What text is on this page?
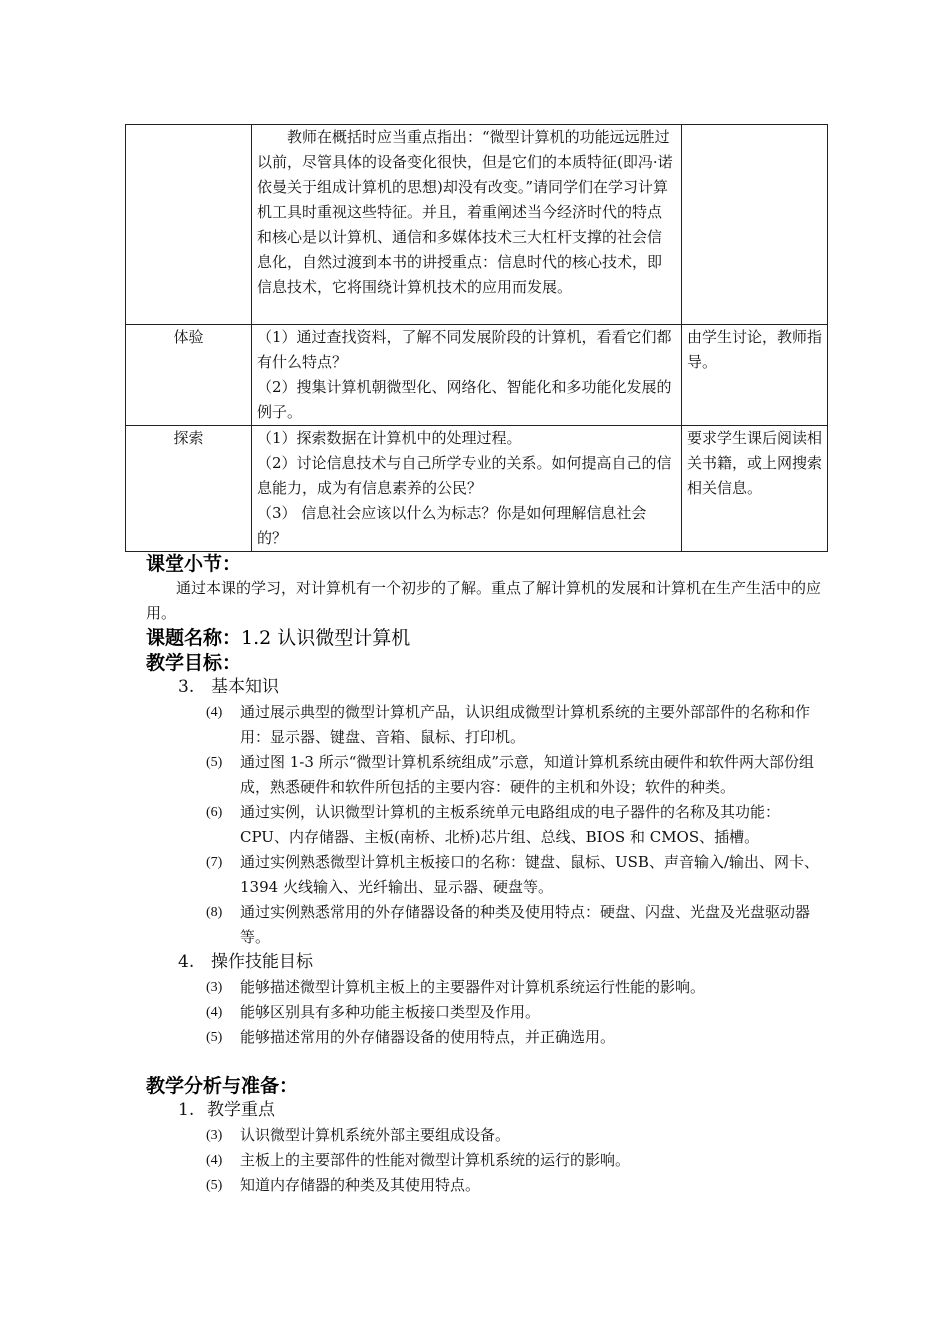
	教师在概括时应当重点指出：“微型计算机的功能远远胜过以前，尽管具体的设备变化很快，但是它们的本质特征(即冯·诺依曼关于组成计算机的思想)却没有改变。”请同学们在学习计算机工具时重视这些特征。并且，着重阐述当今经济时代的特点和核心是以计算机、通信和多媒体技术三大杠杆支撑的社会信息化，自然过渡到本书的讲授重点：信息时代的核心技术，即信息技术，它将围绕计算机技术的应用而发展。	

体验	（1）通过查找资料，了解不同发展阶段的计算机，看看它们都有什么特点？

（2）搜集计算机朝微型化、网络化、智能化和多功能化发展的例子。	由学生讨论，教师指导。
探索	（1）探索数据在计算机中的处理过程。

（2）讨论信息技术与自己所学专业的关系。如何提高自己的信息能力，成为有信息素养的公民？

（3） 信息社会应该以什么为标志？你是如何理解信息社会的？	要求学生课后阅读相关书籍，或上网搜索相关信息。
课堂小节：

通过本课的学习，对计算机有一个初步的了解。重点了解计算机的发展和计算机在生产生活中的应用。

课题名称：1.2 认识微型计算机
教学目标：
3. 基本知识
(4)	通过展示典型的微型计算机产品，认识组成微型计算机系统的主要外部部件的名称和作用：显示器、键盘、音箱、鼠标、打印机。
(5)	通过图 1-3 所示“微型计算机系统组成”示意，知道计算机系统由硬件和软件两大部份组成，熟悉硬件和软件所包括的主要内容：硬件的主机和外设；软件的种类。
(6)	通过实例，认识微型计算机的主板系统单元电路组成的电子器件的名称及其功能：CPU、内存储器、主板(南桥、北桥)芯片组、总线、BIOS 和 CMOS、插槽。
(7)	通过实例熟悉微型计算机主板接口的名称：键盘、鼠标、USB、声音输入/输出、网卡、1394 火线输入、光纤输出、显示器、硬盘等。
(8)	通过实例熟悉常用的外存储器设备的种类及使用特点：硬盘、闪盘、光盘及光盘驱动器等。
4. 操作技能目标
(3)	能够描述微型计算机主板上的主要器件对计算机系统运行性能的影响。
(4)	能够区别具有多种功能主板接口类型及作用。
(5)	能够描述常用的外存储器设备的使用特点，并正确选用。
教学分析与准备：
1. 教学重点
(3)	认识微型计算机系统外部主要组成设备。
(4)	主板上的主要部件的性能对微型计算机系统的运行的影响。
(5)	知道内存储器的种类及其使用特点。
